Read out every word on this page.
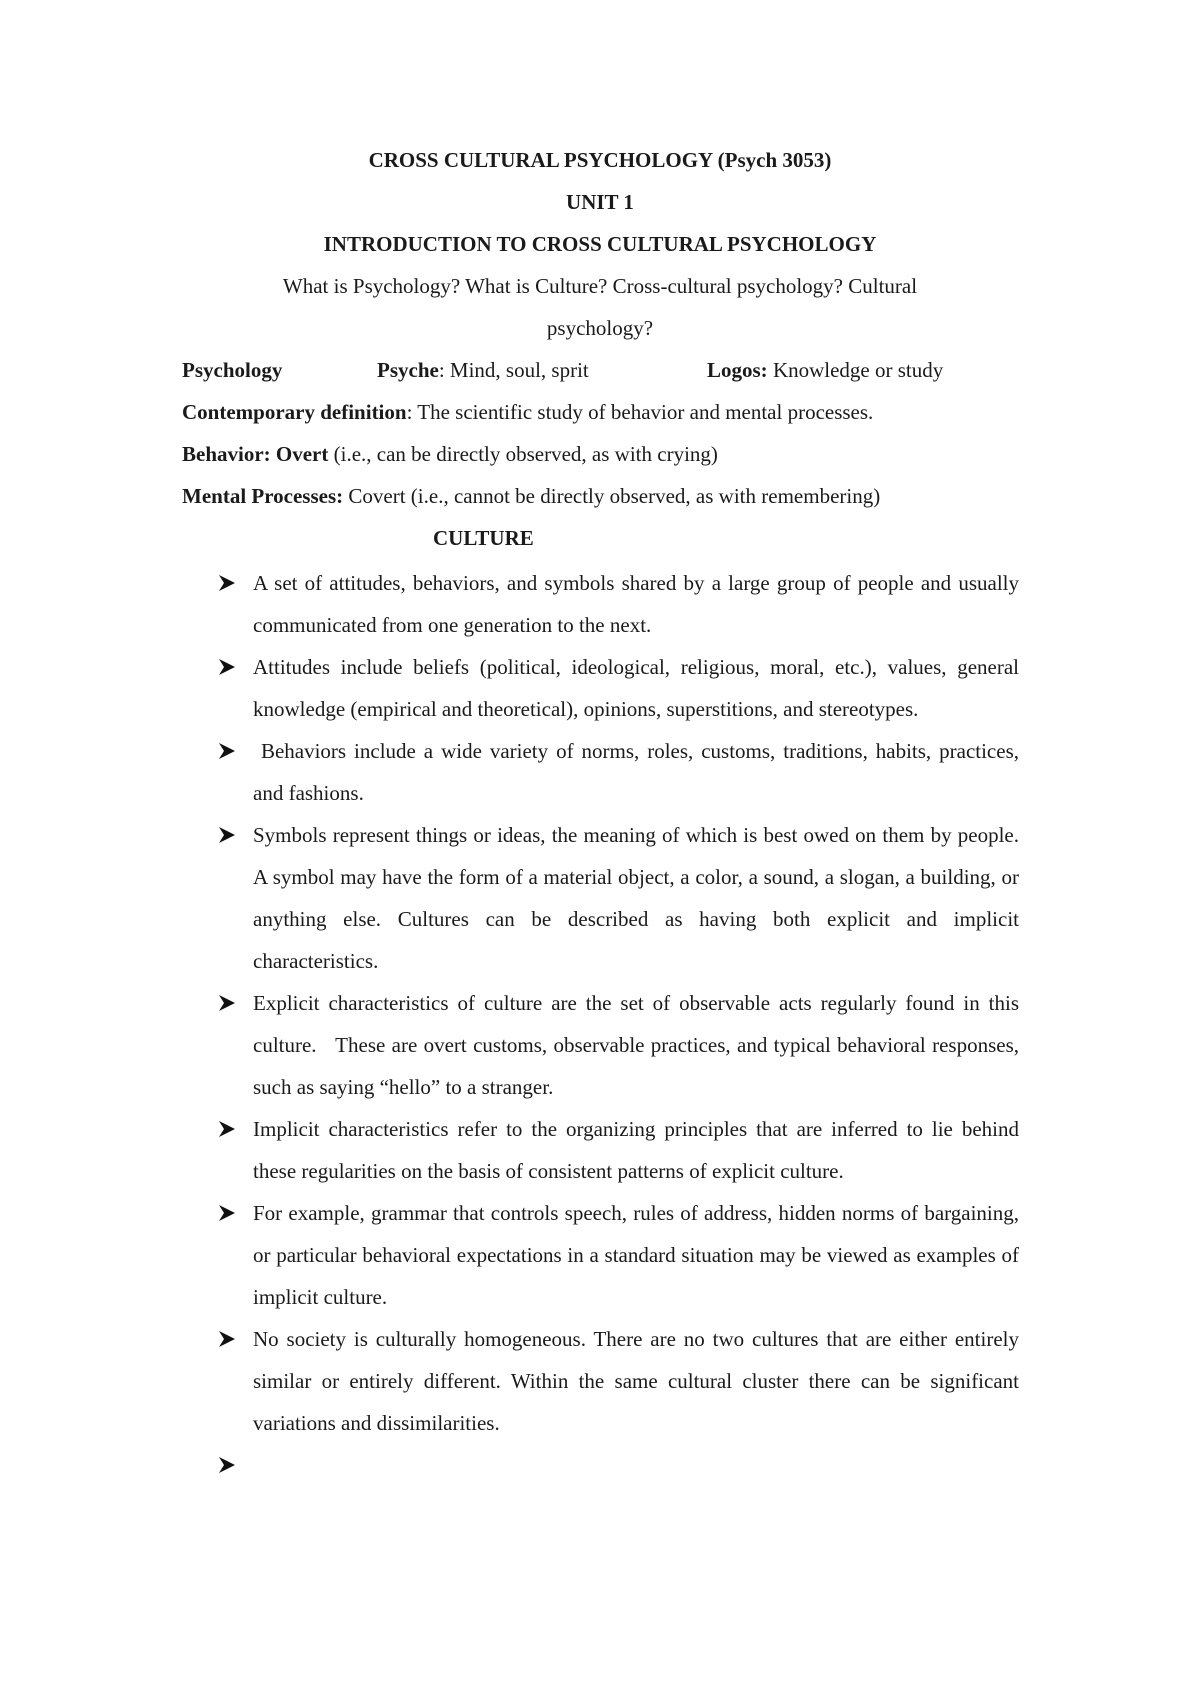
CROSS CULTURAL PSYCHOLOGY (Psych 3053)
UNIT 1
INTRODUCTION TO CROSS CULTURAL PSYCHOLOGY
What is Psychology? What is Culture? Cross-cultural psychology? Cultural
psychology?
Psychology	Psyche: Mind, soul, sprit	Logos: Knowledge or study
Contemporary definition: The scientific study of behavior and mental processes.
Behavior: Overt (i.e., can be directly observed, as with crying)
Mental Processes: Covert (i.e., cannot be directly observed, as with remembering)
CULTURE
A set of attitudes, behaviors, and symbols shared by a large group of people and usually communicated from one generation to the next.
Attitudes include beliefs (political, ideological, religious, moral, etc.), values, general knowledge (empirical and theoretical), opinions, superstitions, and stereotypes.
Behaviors include a wide variety of norms, roles, customs, traditions, habits, practices, and fashions.
Symbols represent things or ideas, the meaning of which is best owed on them by people. A symbol may have the form of a material object, a color, a sound, a slogan, a building, or anything else. Cultures can be described as having both explicit and implicit characteristics.
Explicit characteristics of culture are the set of observable acts regularly found in this culture.   These are overt customs, observable practices, and typical behavioral responses, such as saying “hello” to a stranger.
Implicit characteristics refer to the organizing principles that are inferred to lie behind these regularities on the basis of consistent patterns of explicit culture.
For example, grammar that controls speech, rules of address, hidden norms of bargaining, or particular behavioral expectations in a standard situation may be viewed as examples of implicit culture.
No society is culturally homogeneous. There are no two cultures that are either entirely similar or entirely different. Within the same cultural cluster there can be significant variations and dissimilarities.
